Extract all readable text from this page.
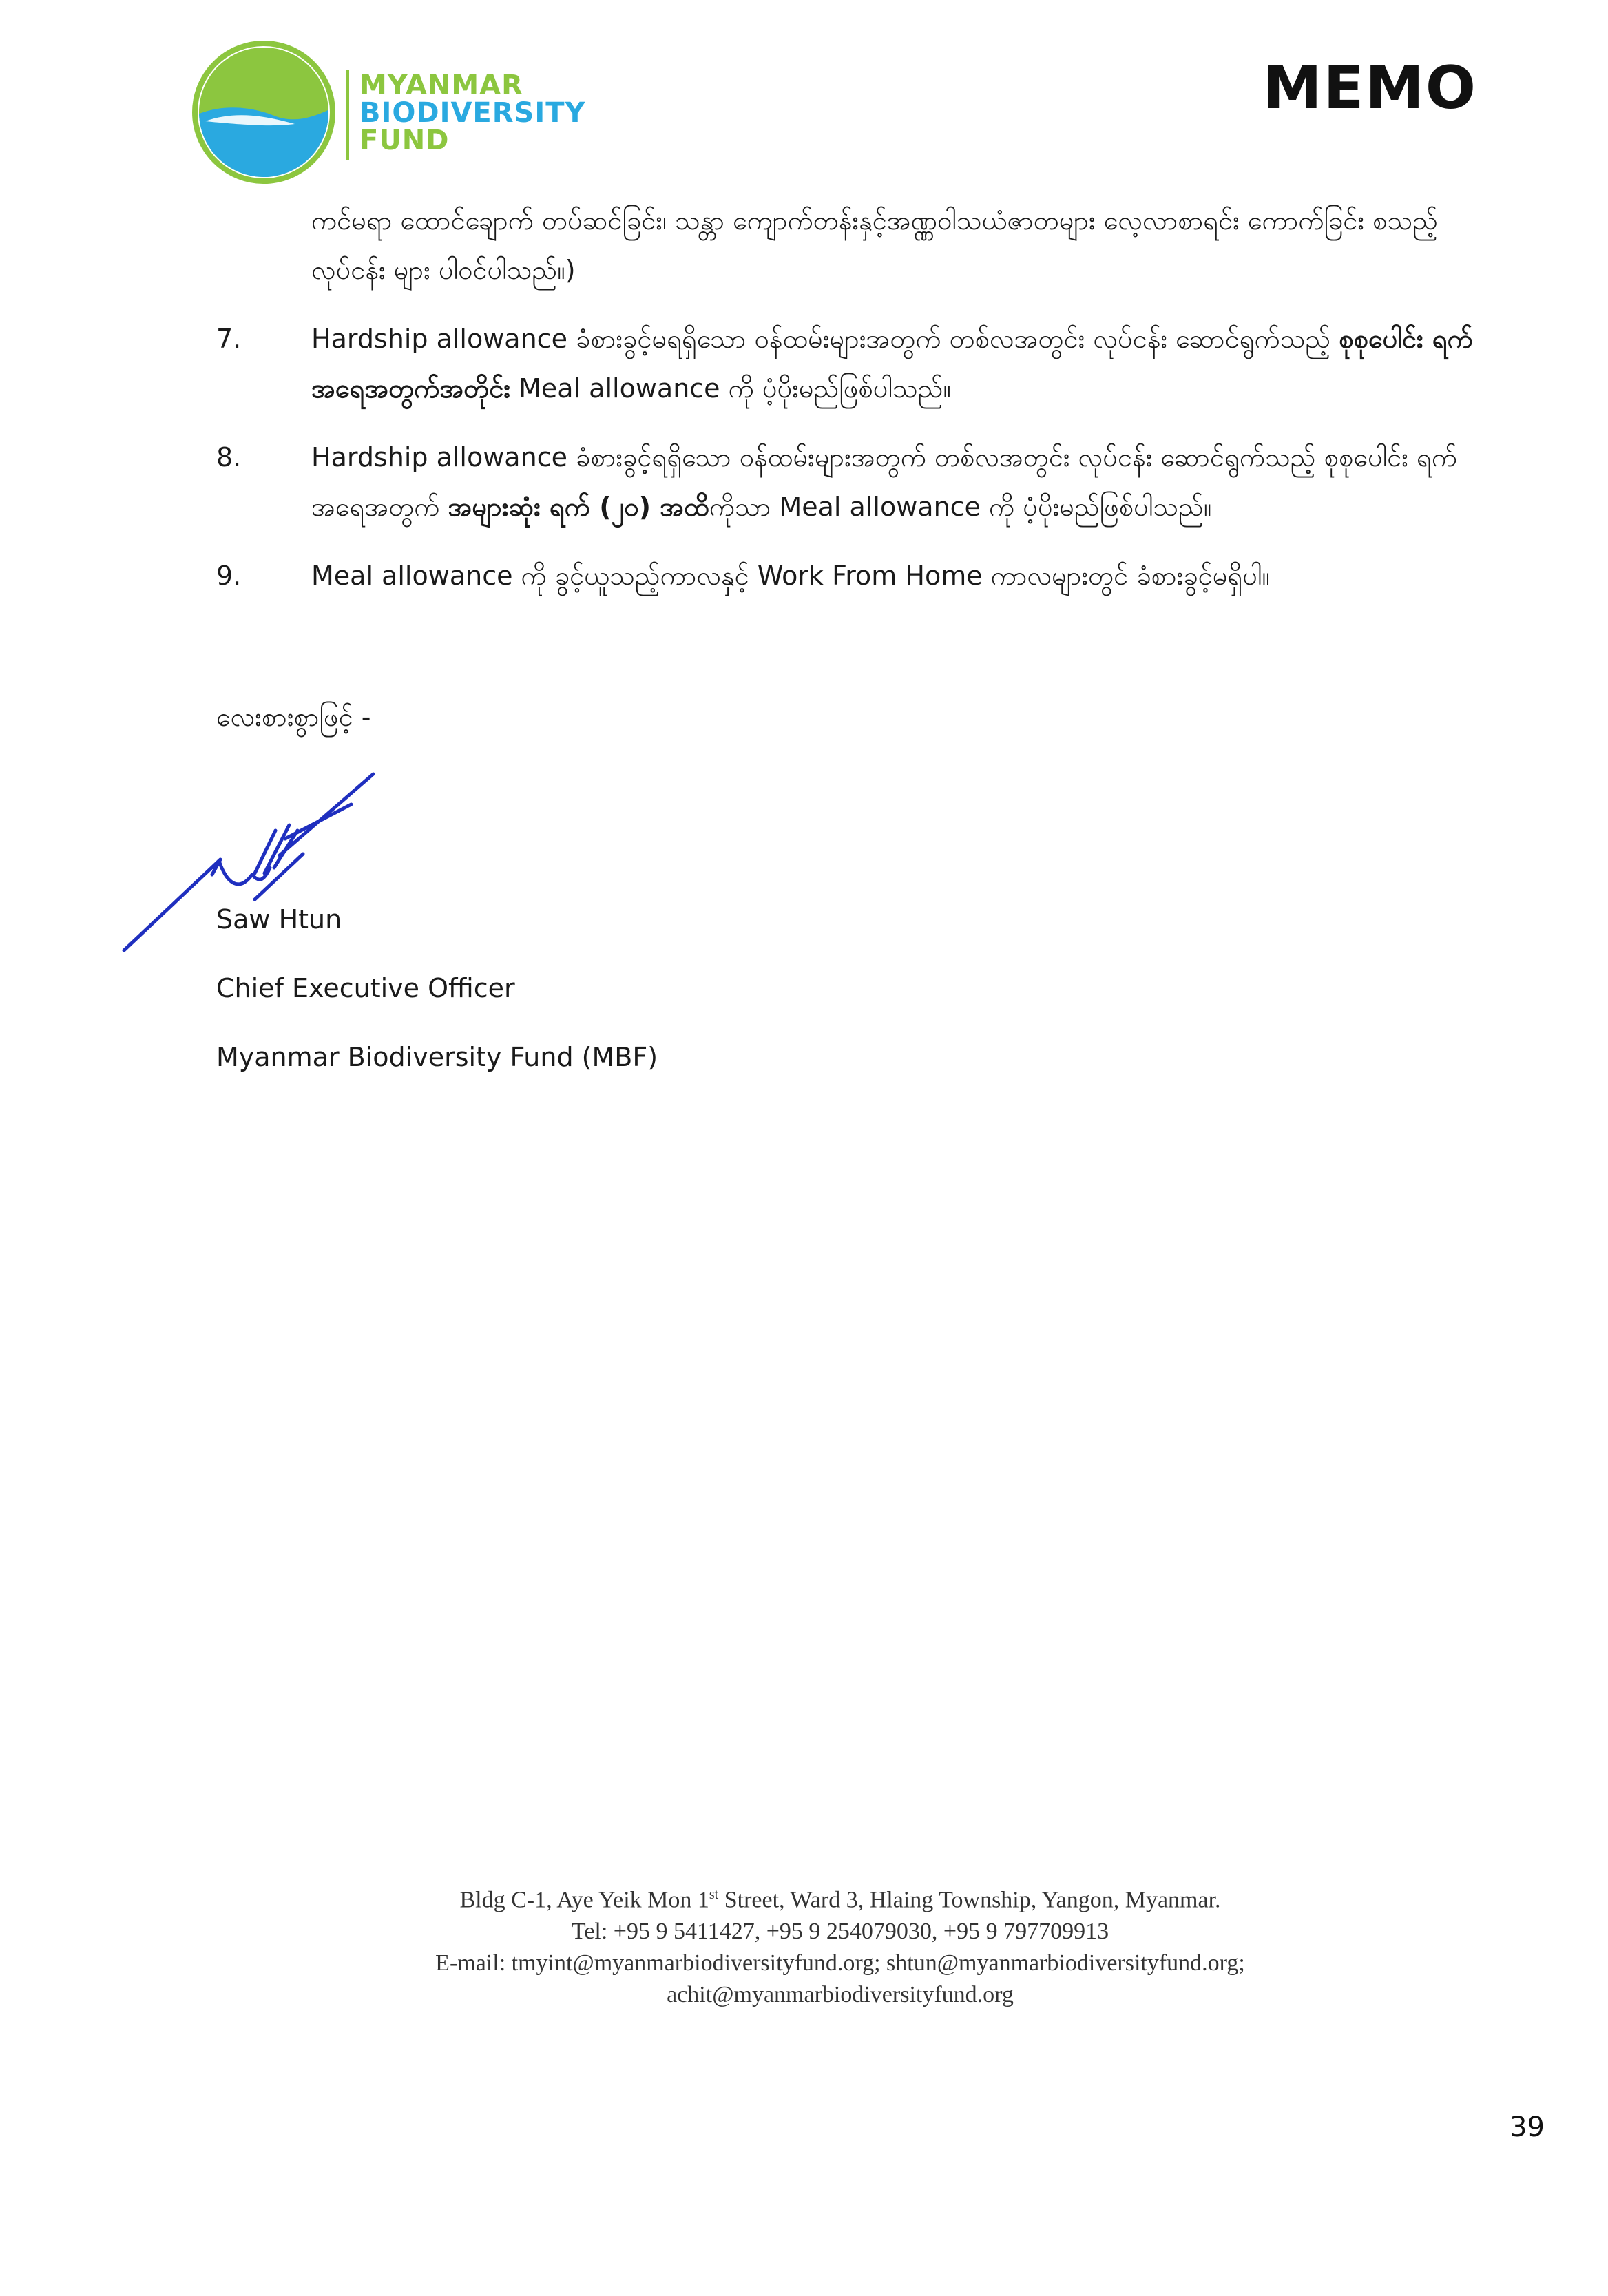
MYANMAR
BIODIVERSITY
FUND
MEMO
ကင်မရာ ထောင်ချောက် တပ်ဆင်ခြင်း၊ သန္တာ ကျောက်တန်းနှင့်အဏ္ဏဝါသယံဇာတများ လေ့လာစာရင်း ကောက်ခြင်း စသည့်လုပ်ငန်း များ ပါဝင်ပါသည်။)
7.	Hardship allowance ခံစားခွင့်မရရှိသော ဝန်ထမ်းများအတွက် တစ်လအတွင်း လုပ်ငန်း ဆောင်ရွက်သည့် စုစုပေါင်း ရက်အရေအတွက်အတိုင်း Meal allowance ကို ပံ့ပိုးမည်ဖြစ်ပါသည်။
8.	Hardship allowance ခံစားခွင့်ရရှိသော ဝန်ထမ်းများအတွက် တစ်လအတွင်း လုပ်ငန်း ဆောင်ရွက်သည့် စုစုပေါင်း ရက်အရေအတွက် အများဆုံး ရက် (၂၀) အထိကိုသာ Meal allowance ကို ပံ့ပိုးမည်ဖြစ်ပါသည်။
9.	Meal allowance ကို ခွင့်ယူသည့်ကာလနှင့် Work From Home ကာလများတွင် ခံစားခွင့်မရှိပါ။
လေးစားစွာဖြင့် -
Saw Htun
Chief Executive Officer
Myanmar Biodiversity Fund (MBF)
Bldg C-1, Aye Yeik Mon 1st Street, Ward 3, Hlaing Township, Yangon, Myanmar.
Tel: +95 9 5411427, +95 9 254079030, +95 9 797709913
E-mail: tmyint@myanmarbiodiversityfund.org; shtun@myanmarbiodiversityfund.org;
achit@myanmarbiodiversityfund.org
39
